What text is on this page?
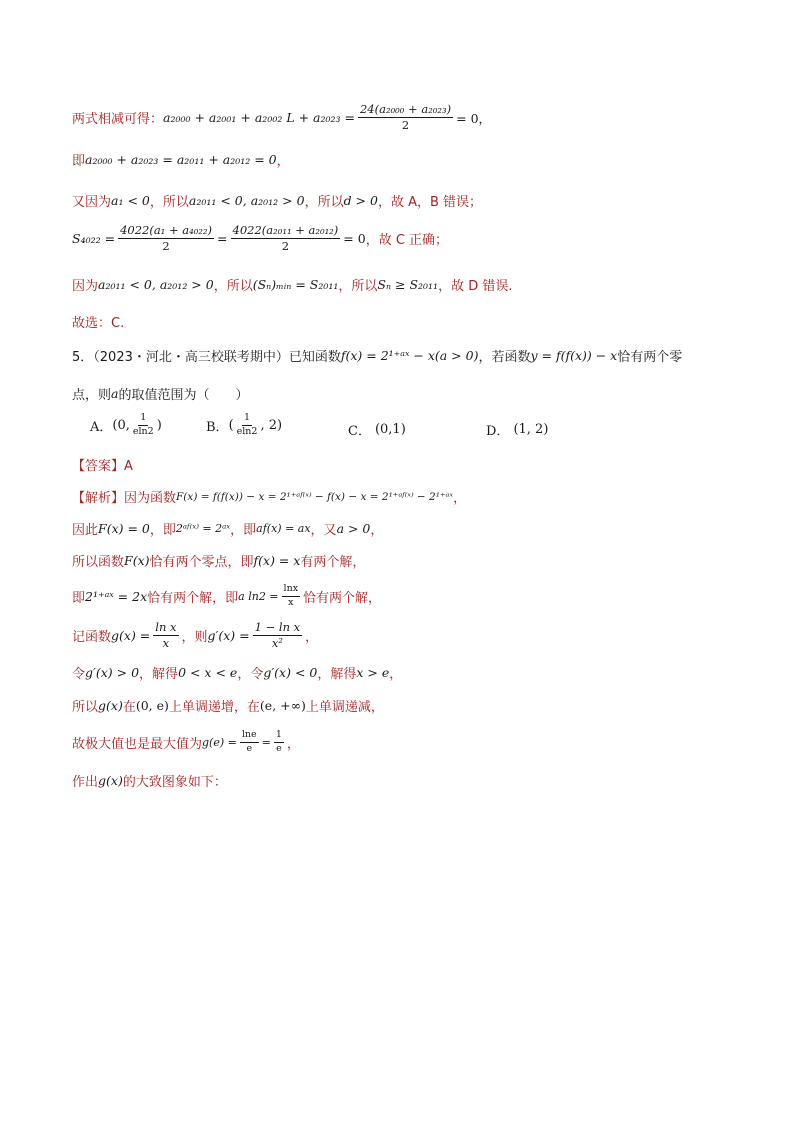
两式相减可得： a₂₀₀₀ + a₂₀₀₁ + a₂₀₀₂ $L + a_{2023} = \frac{\text{24(a₂₀₀₀ + a₂₀₂₃)}}{2} = 0$，
即 a₂₀₀₀ + a₂₀₂₃ = a₂₀₁₁ + a₂₀₁₂ = 0 ，
又因为 a₁ < 0 ，所以 a₂₀₁₁ < 0, a₂₀₁₂ > 0 ，所以 d > 0 ，故 A，B 错误；
$S_{4022} = \frac{\text{4022(a₁ + a₄₀₂₂)}}{2} = \frac{\text{4022(a₂₀₁₁ + a₂₀₁₂)}}{2} = 0$ ，故 C 正确；
因为 a₂₀₁₁ < 0, a₂₀₁₂ > 0 ，所以 (Sₙ)ₘᵢₙ = S₂₀₁₁ ，所以 Sₙ ≥ S₂₀₁₁ ，故 D 错误.
故选：C.
5．（2023・河北・高三校联考期中）已知函数 f(x) = 2¹⁺ᵃˣ − x(a > 0) ，若函数 y = f(f(x)) − x 恰有两个零
点，则 a 的取值范围为（　　）
A． (0, $\frac{1}{eln2}$ )	B． ( $\frac{1}{eln2}$ , 2)	C． (0,1)	D． (1, 2)
【答案】A
【解析】因为函数 F(x) = f(f(x)) − x = 2¹⁺ᵃᶠ⁽ˣ⁾ − f(x) − x = 2¹⁺ᵃᶠ⁽ˣ⁾ − 2¹⁺ᵃˣ ，
因此 F(x) = 0 ，即 2ᵃᶠ⁽ˣ⁾ = 2ᵃˣ ，即 af(x) = ax ，又 a > 0 ，
所以函数 F(x) 恰有两个零点，即 f(x) = x 有两个解，
即 2¹⁺ᵃˣ = 2x 恰有两个解，即 a $\ln 2 = \frac{\ln x}{x}$ 恰有两个解，
记函数 $g(x) = \frac{\text{ln x}}{x}$ ，则 $g'(x) = \frac{\text{1 − ln x}}{\text{x²}}$ ，
令 g′(x) > 0 ，解得 0 < x < e ，令 g′(x) < 0 ，解得 x > e ，
所以 g(x) 在 (0, e) 上单调递增，在 (e, +∞) 上单调递减，
故极大值也是最大值为 $g(e) = \frac{\ln e}{e} = \frac{1}{e}$ ，
作出 g(x) 的大致图象如下：
